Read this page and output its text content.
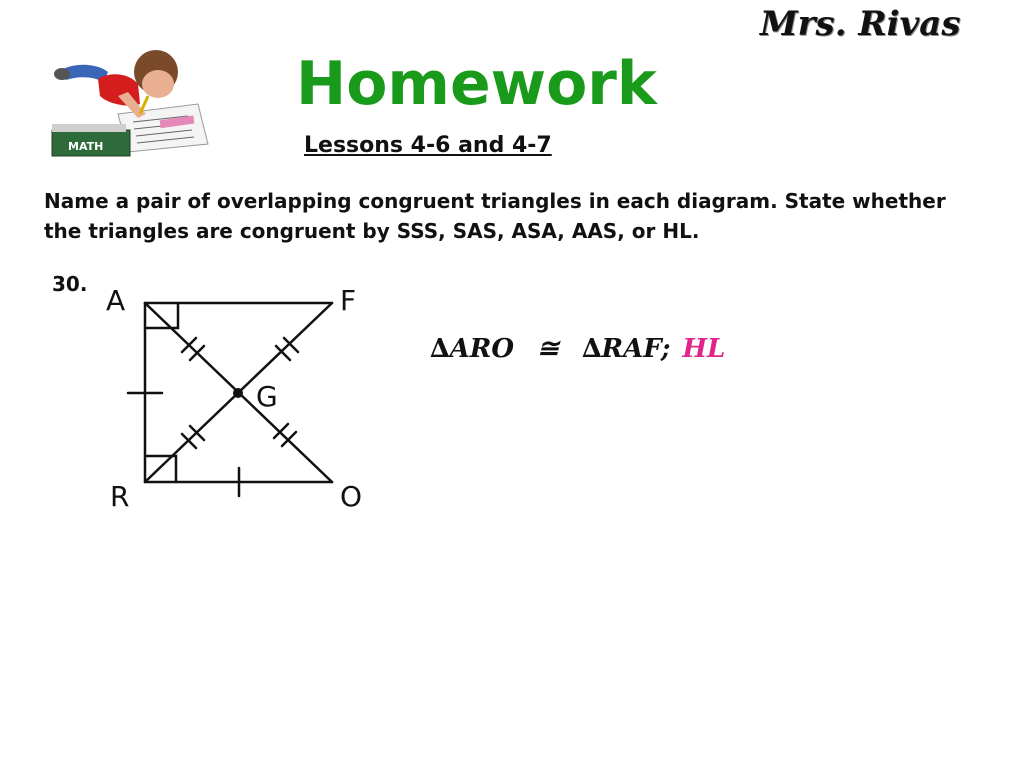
Mrs. Rivas
Homework
Lessons 4-6 and 4-7
MATH
Name a pair of overlapping congruent triangles in each diagram. State whether the triangles are congruent by SSS, SAS, ASA, AAS, or HL.
30. A	F
G
R	O
∆ARO ≅ ∆RAF; HL
